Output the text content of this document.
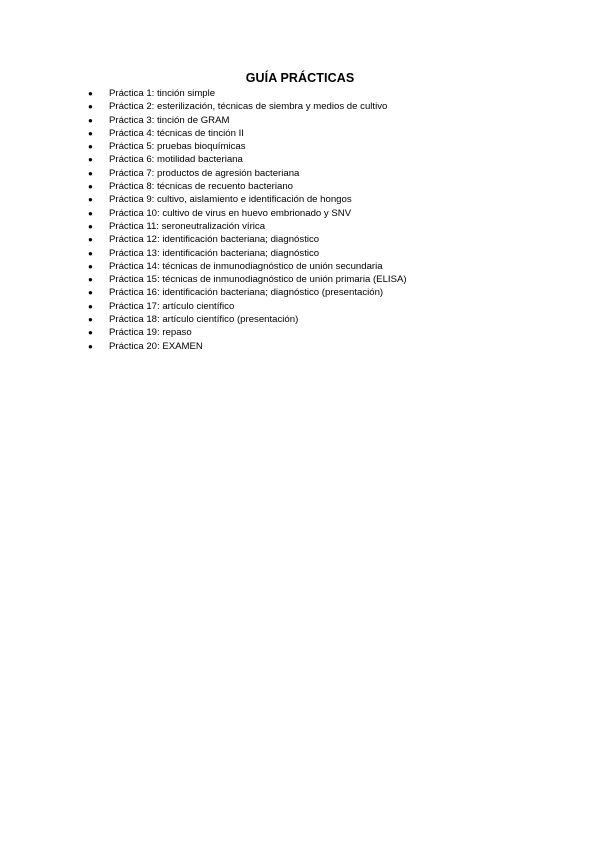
GUÍA PRÁCTICAS
●	Práctica 1: tinción simple
●	Práctica 2: esterilización, técnicas de siembra y medios de cultivo
●	Práctica 3: tinción de GRAM
●	Práctica 4: técnicas de tinción II
●	Práctica 5: pruebas bioquímicas
●	Práctica 6: motilidad bacteriana
●	Práctica 7: productos de agresión bacteriana
●	Práctica 8: técnicas de recuento bacteriano
●	Práctica 9: cultivo, aislamiento e identificación de hongos
●	Práctica 10: cultivo de virus en huevo embrionado y SNV
●	Práctica 11: seroneutralización vírica
●	Práctica 12: identificación bacteriana; diagnóstico
●	Práctica 13: identificación bacteriana; diagnóstico
●	Práctica 14: técnicas de inmunodiagnóstico de unión secundaria
●	Práctica 15: técnicas de inmunodiagnóstico de unión primaria (ELISA)
●	Práctica 16: identificación bacteriana; diagnóstico (presentación)
●	Práctica 17: artículo científico
●	Práctica 18: artículo científico (presentación)
●	Práctica 19: repaso
●	Práctica 20: EXAMEN
